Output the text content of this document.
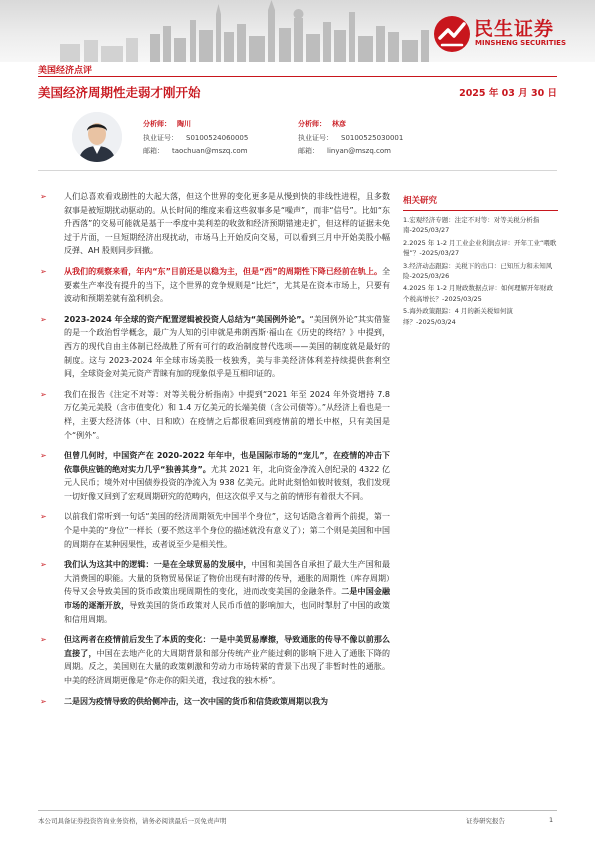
民生证券
MINSHENG SECURITIES
美国经济点评
美国经济周期性走弱才刚开始	2025 年 03 月 30 日
分析师： 陶川
执业证号： S0100524060005
邮箱： taochuan@mszq.com
分析师： 林彦
执业证号： S0100525030001
邮箱： linyan@mszq.com
➢ 人们总喜欢看戏剧性的大起大落，但这个世界的变化更多是从慢到快的非线性进程，且多数叙事是被短期扰动驱动的。从长时间的维度来看这些叙事多是“噪声”，而非“信号”。比如“东升西落”的交易可能就是基于一季度中美利差的收敛和经济预期错速走扩，但这样的证据未免过于片面，一旦短期经济出现扰动，市场马上开始反向交易，可以看到三月中开始美股小幅反弹、AH 股则同步回撤。
➢ 从我们的观察来看，年内“东”目前还是以稳为主，但是“西”的周期性下降已经前在轨上。全要素生产率没有提升的当下，这个世界的竞争规则是“比烂”，尤其是在资本市场上，只要有波动和预期差就有盈利机会。
➢ 2023-2024 年全球的资产配置逻辑被投资人总结为“美国例外论”。“美国例外论”其实借鉴的是一个政治哲学概念，最广为人知的引申就是弗朗西斯·福山在《历史的终结？》中提到，西方的现代自由主体制已经战胜了所有可行的政治制度替代选项——美国的制度就是最好的制度。这与 2023-2024 年全球市场美股一枝独秀，美与非美经济体利差持续提供套利空间，全球资金对美元资产青睐有加的现象似乎是互相印证的。
➢ 我们在报告《注定不对等：对等关税分析指南》中提到“2021 年至 2024 年外资增持 7.8 万亿美元美股（含市值变化）和 1.4 万亿美元的长端美债（含公司债等）。”从经济上看也是一样，主要大经济体（中、日和欧）在疫情之后都很难回到疫情前的增长中枢，只有美国是个“例外”。
➢ 但曾几何时，中国资产在 2020-2022 年年中，也是国际市场的“宠儿”，在疫情的冲击下依靠供应链的绝对实力几乎“独善其身”。尤其 2021 年，北向资金净流入创纪录的 4322 亿元人民币；境外对中国债券投资的净流入为 938 亿美元。此时此刻恰如彼时彼刻，我们发现一切好像又回到了宏观周期研究的范畴内，但这次似乎又与之前的情形有着很大不同。
➢ 以前我们常听到一句话“美国的经济周期领先中国半个身位”，这句话隐含着两个前提，第一个是中美的“身位”一样长（要不然这半个身位的描述就没有意义了）；第二个则是美国和中国的周期存在某种因果性，或者说至少是相关性。
➢ 我们认为这其中的逻辑：一是在全球贸易的发展中，中国和美国各自承担了最大生产国和最大消费国的职能。大量的货物贸易保证了物价出现有时滞的传导，通胀的周期性（库存周期）传导又会导致美国的货币政策出现周期性的变化，进而改变美国的金融条件。二是中国金融市场的逐渐开放，导致美国的货币政策对人民币币值的影响加大，也同时掣肘了中国的政策和信用周期。
➢ 但这两者在疫情前后发生了本质的变化：一是中美贸易摩擦，导致通胀的传导不像以前那么直接了，中国在去地产化的大周期背景和部分传统产业产能过剩的影响下进入了通胀下降的周期。反之，美国则在大量的政策刺激和劳动力市场转紧的背景下出现了非暂时性的通胀。中美的经济周期更像是“你走你的阳关道，我过我的独木桥”。
➢ 二是因为疫情导致的供给侧冲击，这一次中国的货币和信贷政策周期以我为
相关研究
1.宏观经济专题：注定不对等：对等关税分析指南-2025/03/27
2.2025 年 1-2 月工业企业利润点评：开年工业“喂歌慢”？-2025/03/27
3.经济动态跟踪：关税下的出口：已知压力和未知风险-2025/03/26
4.2025 年 1-2 月财政数据点评：如何理解开年财政个税高增长？-2025/03/25
5.海外政策跟踪：4 月的新关税如何演绎？-2025/03/24
本公司具备证券投资咨询业务资格，请务必阅读最后一页免责声明	证券研究报告	1
